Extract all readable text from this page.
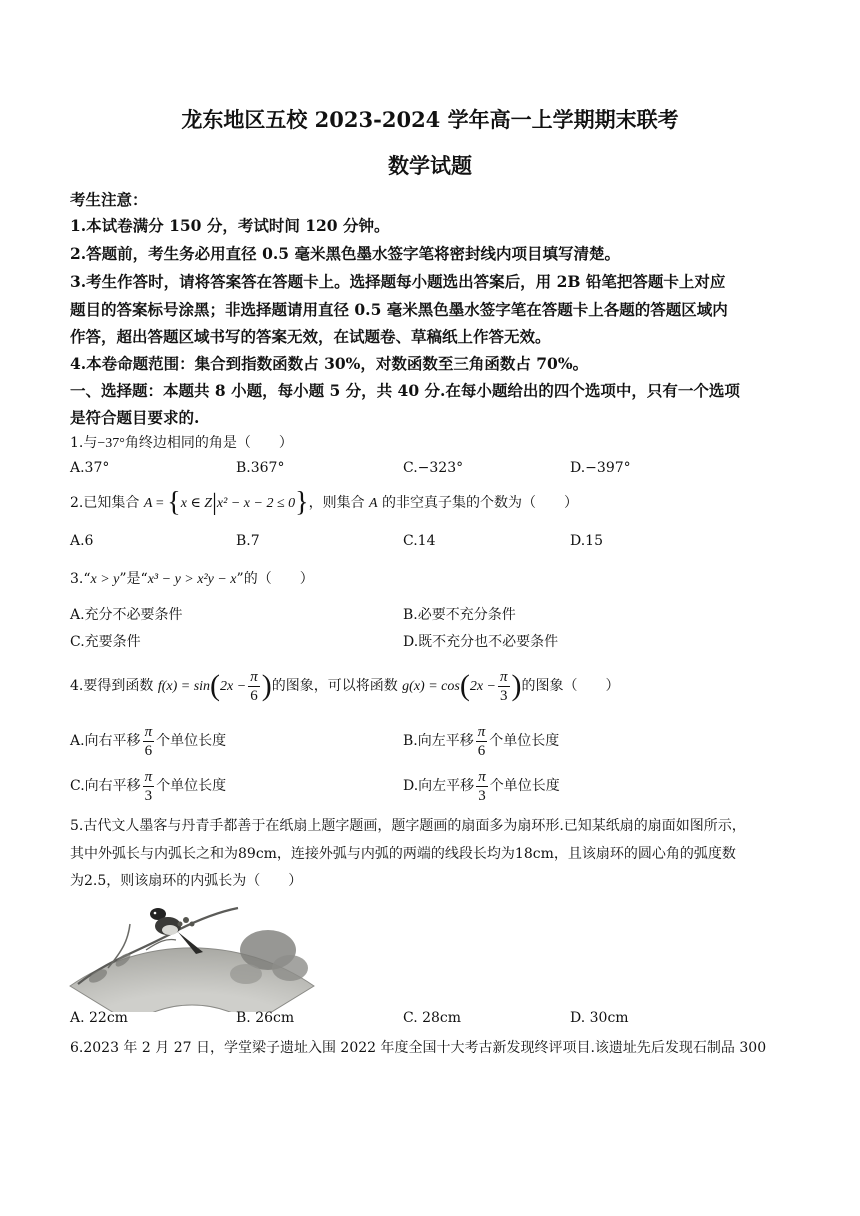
龙东地区五校 2023-2024 学年高一上学期期末联考
数学试题
考生注意：
1.本试卷满分 150 分，考试时间 120 分钟。
2.答题前，考生务必用直径 0.5 毫米黑色墨水签字笔将密封线内项目填写清楚。
3.考生作答时，请将答案答在答题卡上。选择题每小题选出答案后，用 2B 铅笔把答题卡上对应
题目的答案标号涂黑；非选择题请用直径 0.5 毫米黑色墨水签字笔在答题卡上各题的答题区域内
作答，超出答题区域书写的答案无效，在试题卷、草稿纸上作答无效。
4.本卷命题范围：集合到指数函数占 30%，对数函数至三角函数占 70%。
一、选择题：本题共 8 小题，每小题 5 分，共 40 分.在每小题给出的四个选项中，只有一个选项
是符合题目要求的.
1.与−37°角终边相同的角是（　　）
A.37°	B.367°	C.−323°	D.−397°
2.已知集合 A = {x ∈ Z|x² − x − 2 ≤ 0}，则集合 A 的非空真子集的个数为（　　）
A.6	B.7	C.14	D.15
3.“x > y”是“x³ − y > x²y − x”的（　　）
A.充分不必要条件	B.必要不充分条件
C.充要条件	D.既不充分也不必要条件
4.要得到函数 $f(x) = \sin(2x - \frac{\pi}{6}$ )的图象，可以将函数 $g(x) = \cos(2x - \frac{\pi}{3}$ )的图象（　　）
A.向右平移 $\frac{\pi}{6}$ 个单位长度	B.向左平移 $\frac{\pi}{6}$ 个单位长度
C.向右平移 $\frac{\pi}{3}$ 个单位长度	D.向左平移 $\frac{\pi}{3}$ 个单位长度
5.古代文人墨客与丹青手都善于在纸扇上题字题画，题字题画的扇面多为扇环形.已知某纸扇的扇面如图所示，
其中外弧长与内弧长之和为89cm，连接外弧与内弧的两端的线段长均为18cm，且该扇环的圆心角的弧度数
为2.5，则该扇环的内弧长为（　　）
A. 22cm	B. 26cm	C. 28cm	D. 30cm
6.2023 年 2 月 27 日，学堂梁子遗址入围 2022 年度全国十大考古新发现终评项目.该遗址先后发现石制品 300
